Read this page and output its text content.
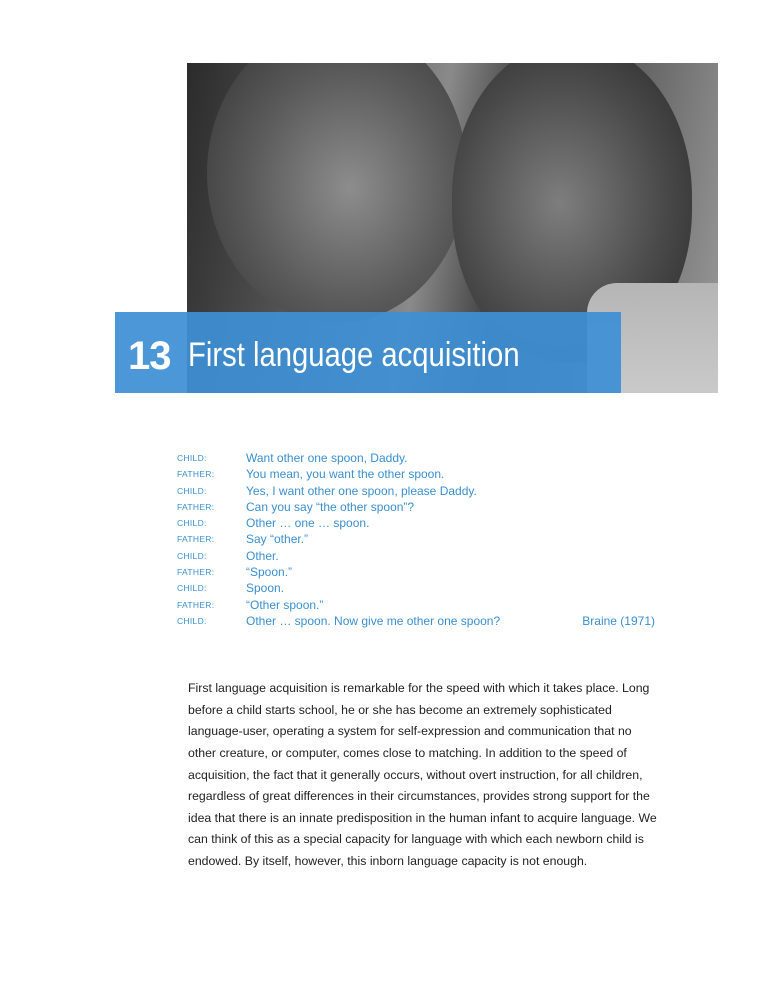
13 First language acquisition
CHILD:	Want other one spoon, Daddy.
FATHER:	You mean, you want the other spoon.
CHILD:	Yes, I want other one spoon, please Daddy.
FATHER:	Can you say “the other spoon”?
CHILD:	Other … one … spoon.
FATHER:	Say “other.”
CHILD:	Other.
FATHER:	“Spoon.”
CHILD:	Spoon.
FATHER:	“Other spoon.”
CHILD:	Other … spoon. Now give me other one spoon?	Braine (1971)

First language acquisition is remarkable for the speed with which it takes place. Long before a child starts school, he or she has become an extremely sophisticated language-user, operating a system for self-expression and communication that no other creature, or computer, comes close to matching. In addition to the speed of acquisition, the fact that it generally occurs, without overt instruction, for all children, regardless of great differences in their circumstances, provides strong support for the idea that there is an innate predisposition in the human infant to acquire language. We can think of this as a special capacity for language with which each newborn child is endowed. By itself, however, this inborn language capacity is not enough.
